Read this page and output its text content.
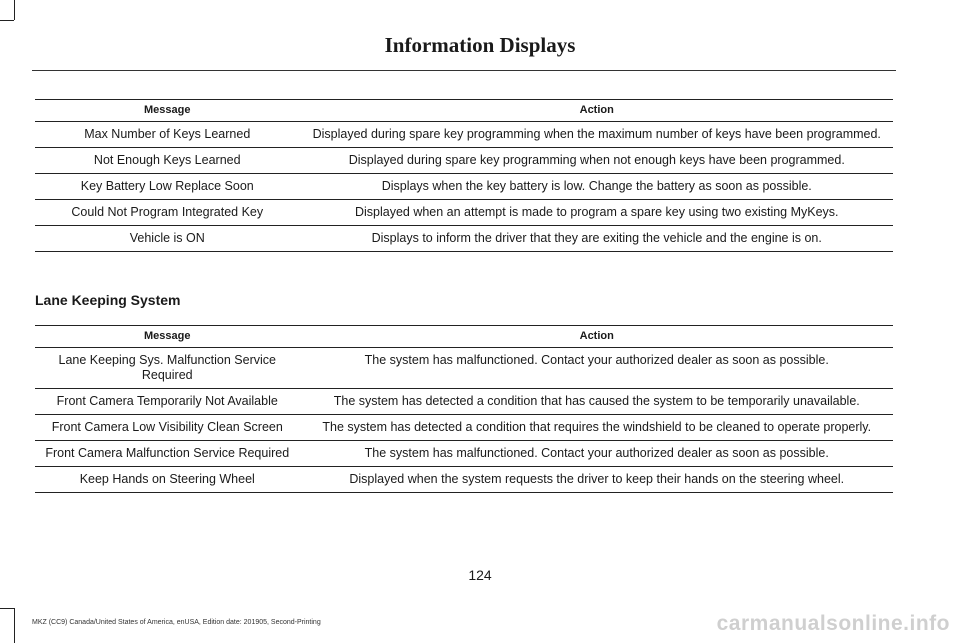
Information Displays
Message	Action
Max Number of Keys Learned	Displayed during spare key programming when the maximum number of keys have been programmed.
Not Enough Keys Learned	Displayed during spare key programming when not enough keys have been programmed.
Key Battery Low Replace Soon	Displays when the key battery is low. Change the battery as soon as possible.
Could Not Program Integrated Key	Displayed when an attempt is made to program a spare key using two existing MyKeys.
Vehicle is ON	Displays to inform the driver that they are exiting the vehicle and the engine is on.
Lane Keeping System
Message	Action
Lane Keeping Sys. Malfunction Service Required	The system has malfunctioned. Contact your authorized dealer as soon as possible.
Front Camera Temporarily Not Available	The system has detected a condition that has caused the system to be temporarily unavailable.
Front Camera Low Visibility Clean Screen	The system has detected a condition that requires the windshield to be cleaned to operate properly.
Front Camera Malfunction Service Required	The system has malfunctioned. Contact your authorized dealer as soon as possible.
Keep Hands on Steering Wheel	Displayed when the system requests the driver to keep their hands on the steering wheel.
124
MKZ (CC9) Canada/United States of America, enUSA, Edition date: 201905, Second-Printing	carmanualsonline.info
